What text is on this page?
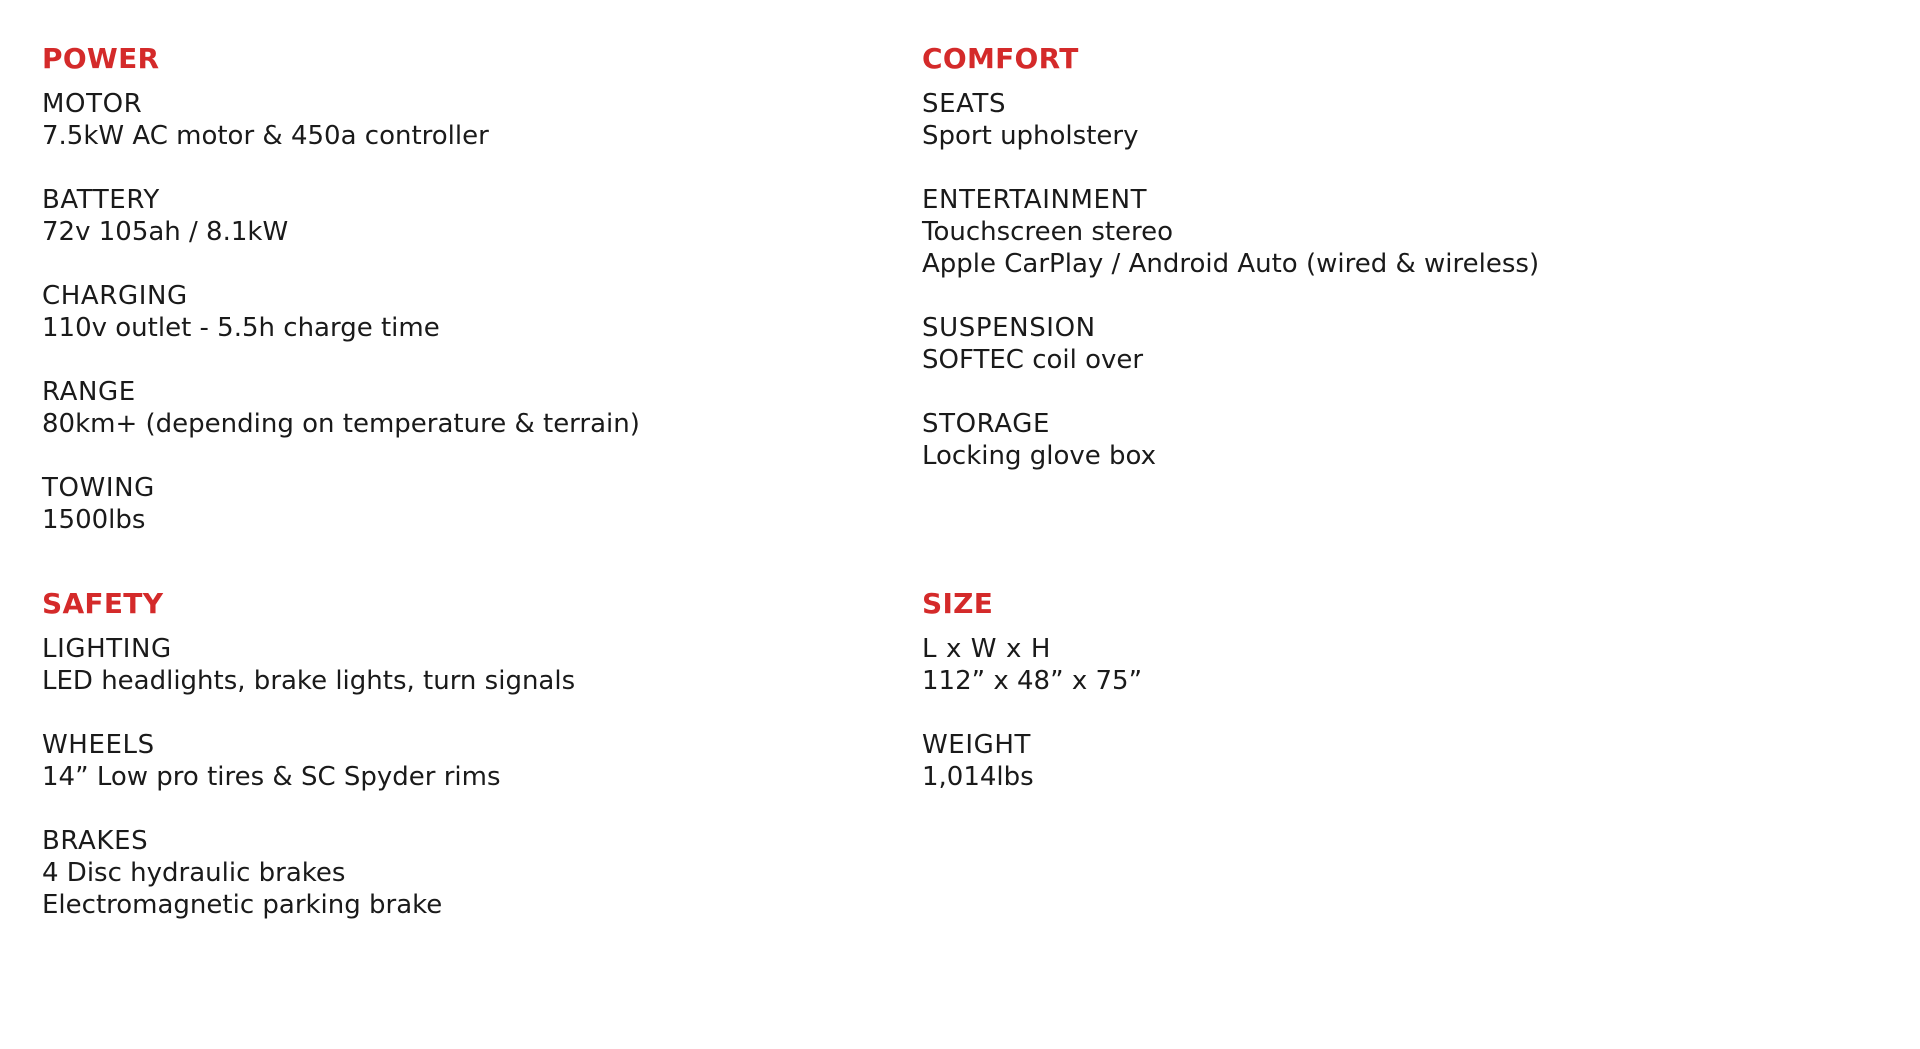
POWER
MOTOR
7.5kW AC motor & 450a controller
BATTERY
72v 105ah / 8.1kW
CHARGING
110v outlet - 5.5h charge time
RANGE
80km+ (depending on temperature & terrain)
TOWING
1500lbs
COMFORT
SEATS
Sport upholstery
ENTERTAINMENT
Touchscreen stereo
Apple CarPlay / Android Auto (wired & wireless)
SUSPENSION
SOFTEC coil over
STORAGE
Locking glove box
SAFETY
LIGHTING
LED headlights, brake lights, turn signals
WHEELS
14” Low pro tires & SC Spyder rims
BRAKES
4 Disc hydraulic brakes
Electromagnetic parking brake
SIZE
L x W x H
112” x 48” x 75”
WEIGHT
1,014lbs
